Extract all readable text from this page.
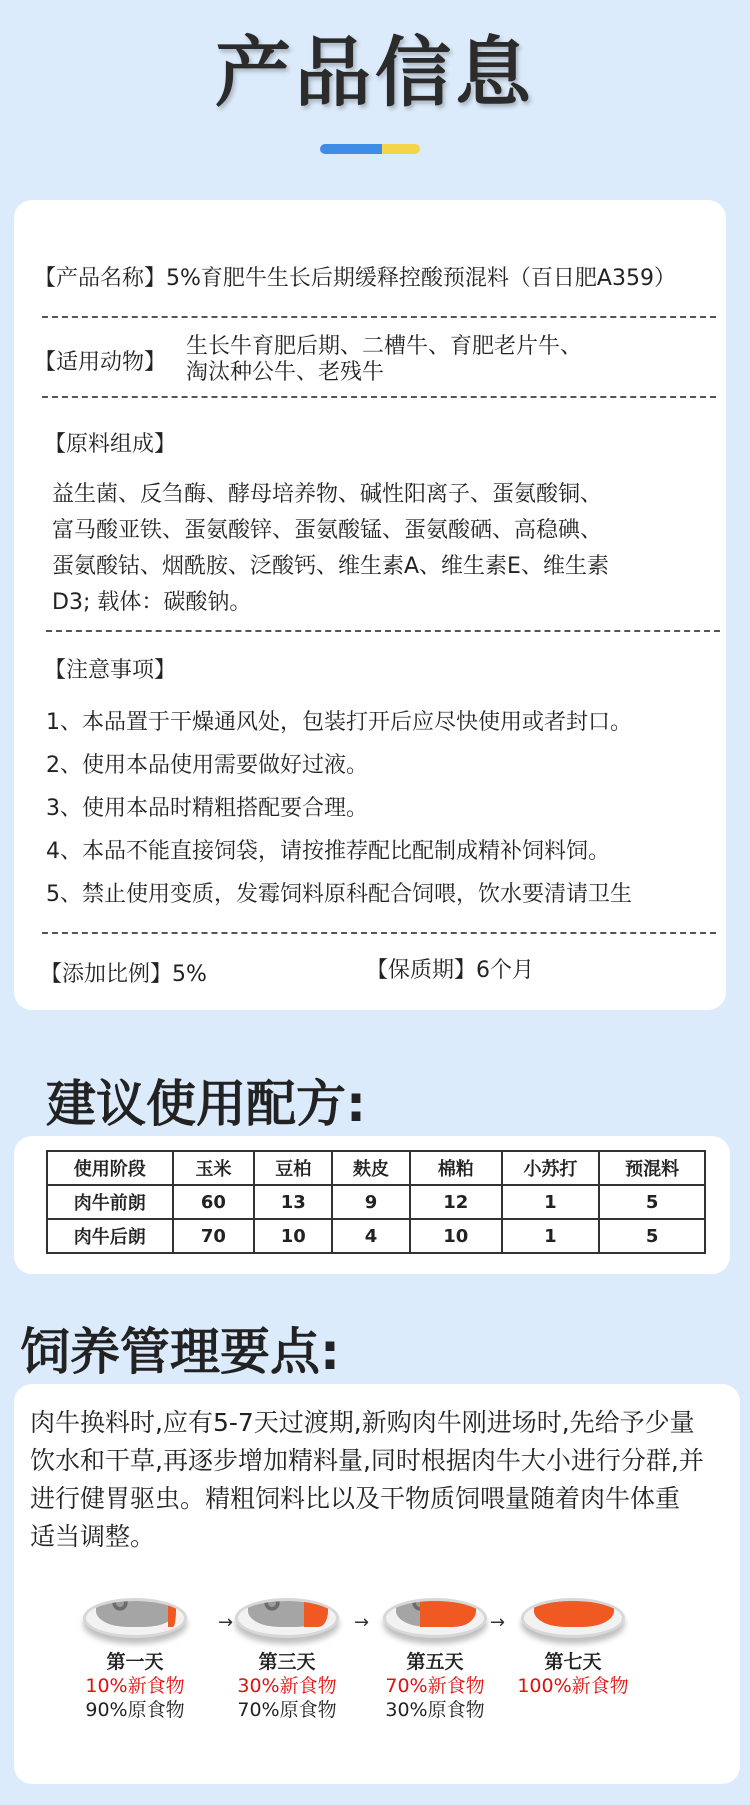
产品信息
【产品名称】5%育肥牛生长后期缓释控酸预混料（百日肥A359）
【适用动物】
生长牛育肥后期、二槽牛、育肥老片牛、
淘汰种公牛、老残牛
【原料组成】
益生菌、反刍酶、酵母培养物、碱性阳离子、蛋氨酸铜、
富马酸亚铁、蛋氨酸锌、蛋氨酸锰、蛋氨酸硒、高稳碘、
蛋氨酸钴、烟酰胺、泛酸钙、维生素A、维生素E、维生素
D3; 载体：碳酸钠。
【注意事项】
1、本品置于干燥通风处，包装打开后应尽快使用或者封口。
2、使用本品使用需要做好过液。
3、使用本品时精粗搭配要合理。
4、本品不能直接饲袋，请按推荐配比配制成精补饲料饲。
5、禁止使用变质，发霉饲料原科配合饲喂，饮水要清请卫生
【添加比例】5%	【保质期】6个月
建议使用配方:
使用阶段	玉米	豆柏	麸皮	棉粕	小苏打	预混料
肉牛前朗	60	13	9	12	1	5
肉牛后朗	70	10	4	10	1	5
饲养管理要点:
肉牛换料时,应有5-7天过渡期,新购肉牛刚进场时,先给予少量
饮水和干草,再逐步增加精料量,同时根据肉牛大小进行分群,并
进行健胃驱虫。精粗饲料比以及干物质饲喂量随着肉牛体重
适当调整。
第一天
10%新食物
90%原食物
→
第三天
30%新食物
70%原食物
→
第五天
70%新食物
30%原食物
→
第七天
100%新食物
